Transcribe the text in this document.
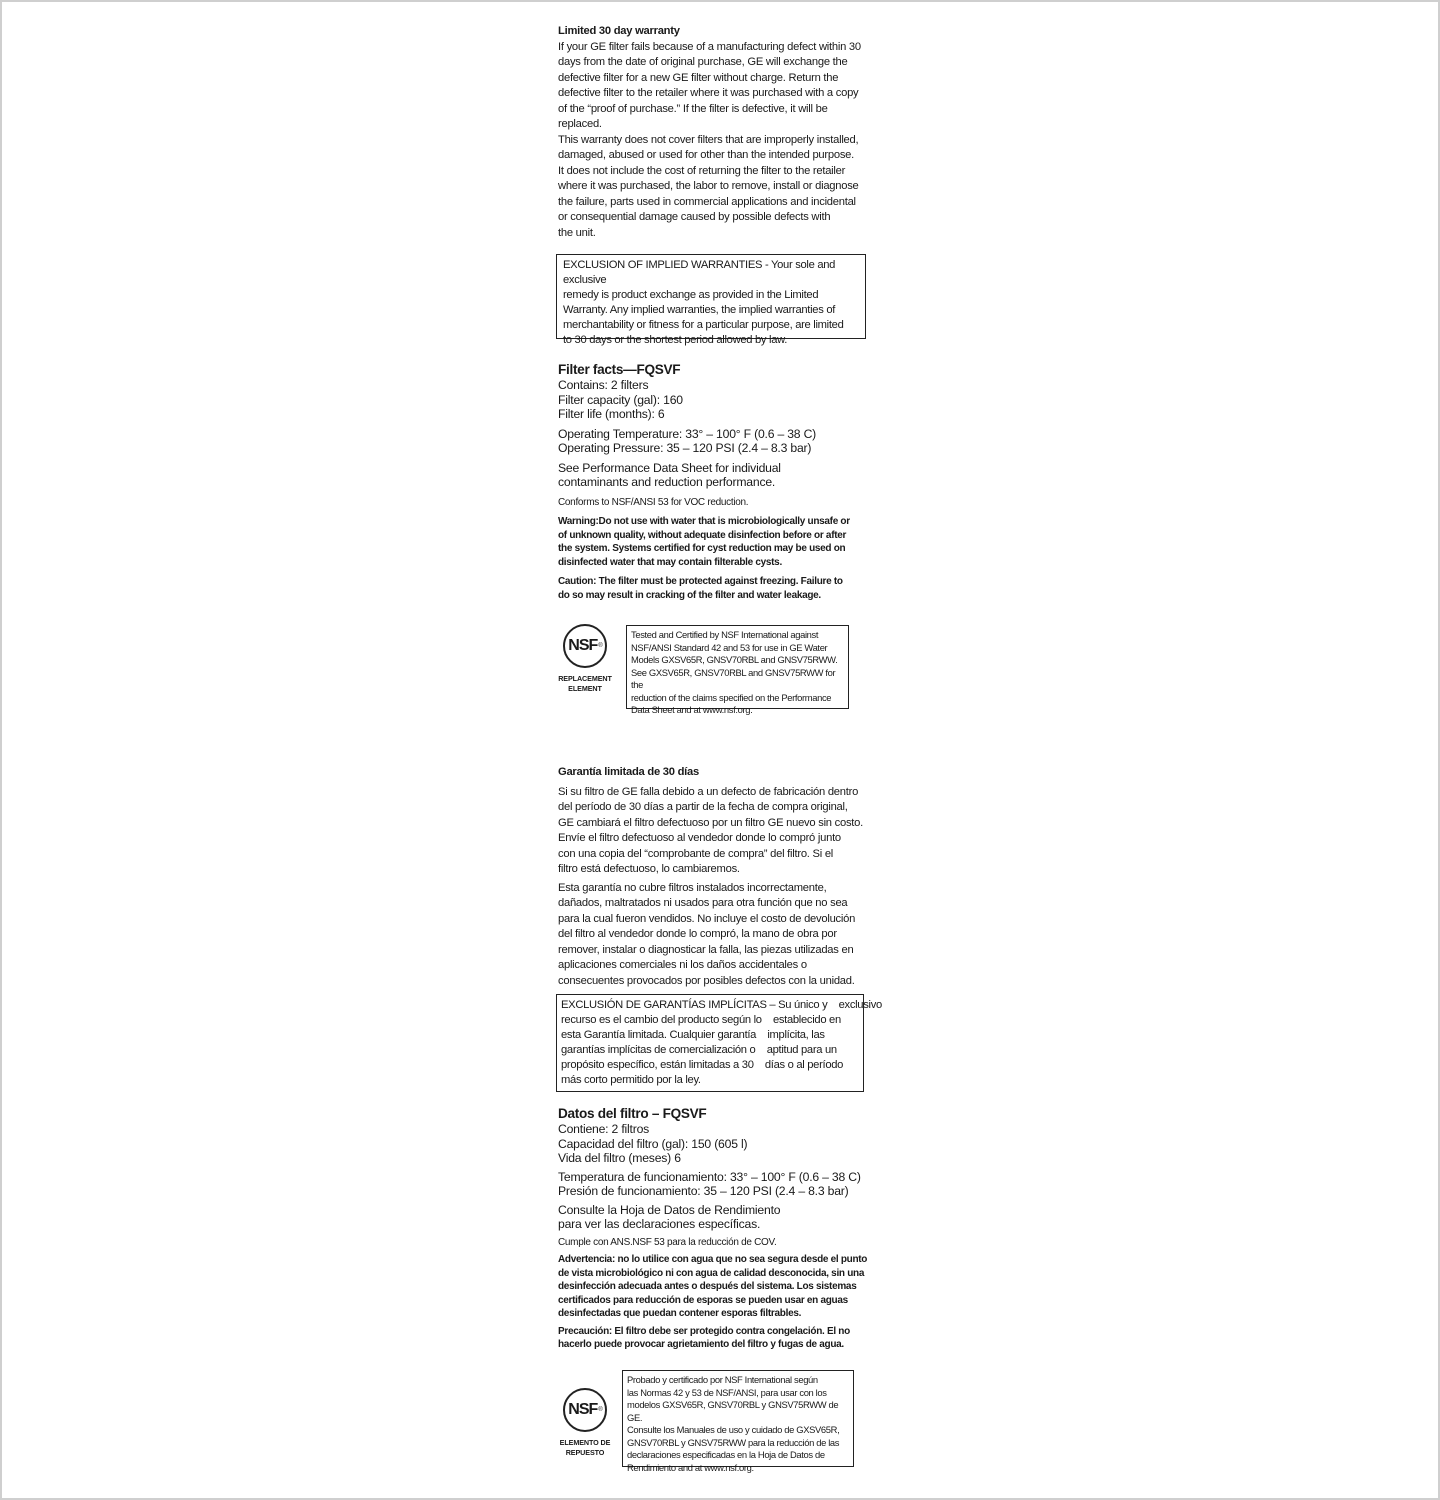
Limited 30 day warranty

If your GE filter fails because of a manufacturing defect within 30
days from the date of original purchase, GE will exchange the
defective filter for a new GE filter without charge. Return the
defective filter to the retailer where it was purchased with a copy
of the “proof of purchase.” If the filter is defective, it will be
replaced.
This warranty does not cover filters that are improperly installed,
damaged, abused or used for other than the intended purpose.
It does not include the cost of returning the filter to the retailer
where it was purchased, the labor to remove, install or diagnose
the failure, parts used in commercial applications and incidental
or consequential damage caused by possible defects with
the unit.
EXCLUSION OF IMPLIED WARRANTIES - Your sole and exclusive
remedy is product exchange as provided in the Limited
Warranty. Any implied warranties, the implied warranties of
merchantability or fitness for a particular purpose, are limited
to 30 days or the shortest period allowed by law.

Filter facts—FQSVF

Contains: 2 filters
Filter capacity (gal): 160
Filter life (months): 6
Operating Temperature: 33° – 100° F (0.6 – 38 C)
Operating Pressure: 35 – 120 PSI (2.4 – 8.3 bar)
See Performance Data Sheet for individual
contaminants and reduction performance.

Conforms to NSF/ANSI 53 for VOC reduction.

Warning:Do not use with water that is microbiologically unsafe or
of unknown quality, without adequate disinfection before or after
the system. Systems certified for cyst reduction may be used on
disinfected water that may contain filterable cysts.
Caution: The filter must be protected against freezing. Failure to
do so may result in cracking of the filter and water leakage.
NSF ®
REPLACEMENT
ELEMENT
Tested and Certified by NSF International against
NSF/ANSI Standard 42 and 53 for use in GE Water
Models GXSV65R, GNSV70RBL and GNSV75RWW.
See GXSV65R, GNSV70RBL and GNSV75RWW for the
reduction of the claims specified on the Performance
Data Sheet and at www.nsf.org.

Garantía limitada de 30 días

Si su filtro de GE falla debido a un defecto de fabricación dentro
del período de 30 días a partir de la fecha de compra original,
GE cambiará el filtro defectuoso por un filtro GE nuevo sin costo.
Envíe el filtro defectuoso al vendedor donde lo compró junto
con una copia del “comprobante de compra” del filtro. Si el
filtro está defectuoso, lo cambiaremos.
Esta garantía no cubre filtros instalados incorrectamente,
dañados, maltratados ni usados para otra función que no sea
para la cual fueron vendidos. No incluye el costo de devolución
del filtro al vendedor donde lo compró, la mano de obra por
remover, instalar o diagnosticar la falla, las piezas utilizadas en
aplicaciones comerciales ni los daños accidentales o
consecuentes provocados por posibles defectos con la unidad.
EXCLUSIÓN DE GARANTÍAS IMPLÍCITAS – Su único y    exclusivo
recurso es el cambio del producto según lo    establecido en
esta Garantía limitada. Cualquier garantía    implícita, las
garantías implícitas de comercialización o    aptitud para un
propósito específico, están limitadas a 30    días o al período
más corto permitido por la ley.

Datos del filtro – FQSVF

Contiene: 2 filtros
Capacidad del filtro (gal): 150 (605 l)
Vida del filtro (meses) 6
Temperatura de funcionamiento: 33° – 100° F (0.6 – 38 C)
Presión de funcionamiento: 35 – 120 PSI (2.4 – 8.3 bar)
Consulte la Hoja de Datos de Rendimiento
para ver las declaraciones específicas.

Cumple con ANS.NSF 53 para la reducción de COV.

Advertencia: no lo utilice con agua que no sea segura desde el punto
de vista microbiológico ni con agua de calidad desconocida, sin una
desinfección adecuada antes o después del sistema. Los sistemas
certificados para reducción de esporas se pueden usar en aguas
desinfectadas que puedan contener esporas filtrables.
Precaución: El filtro debe ser protegido contra congelación. El no
hacerlo puede provocar agrietamiento del filtro y fugas de agua.
NSF ®
ELEMENTO DE
REPUESTO
Probado y certificado por NSF International según
las Normas 42 y 53 de NSF/ANSI, para usar con los
modelos GXSV65R, GNSV70RBL y GNSV75RWW de GE.
Consulte los Manuales de uso y cuidado de GXSV65R,
GNSV70RBL y GNSV75RWW para la reducción de las
declaraciones especificadas en la Hoja de Datos de
Rendimiento and at www.nsf.org.
